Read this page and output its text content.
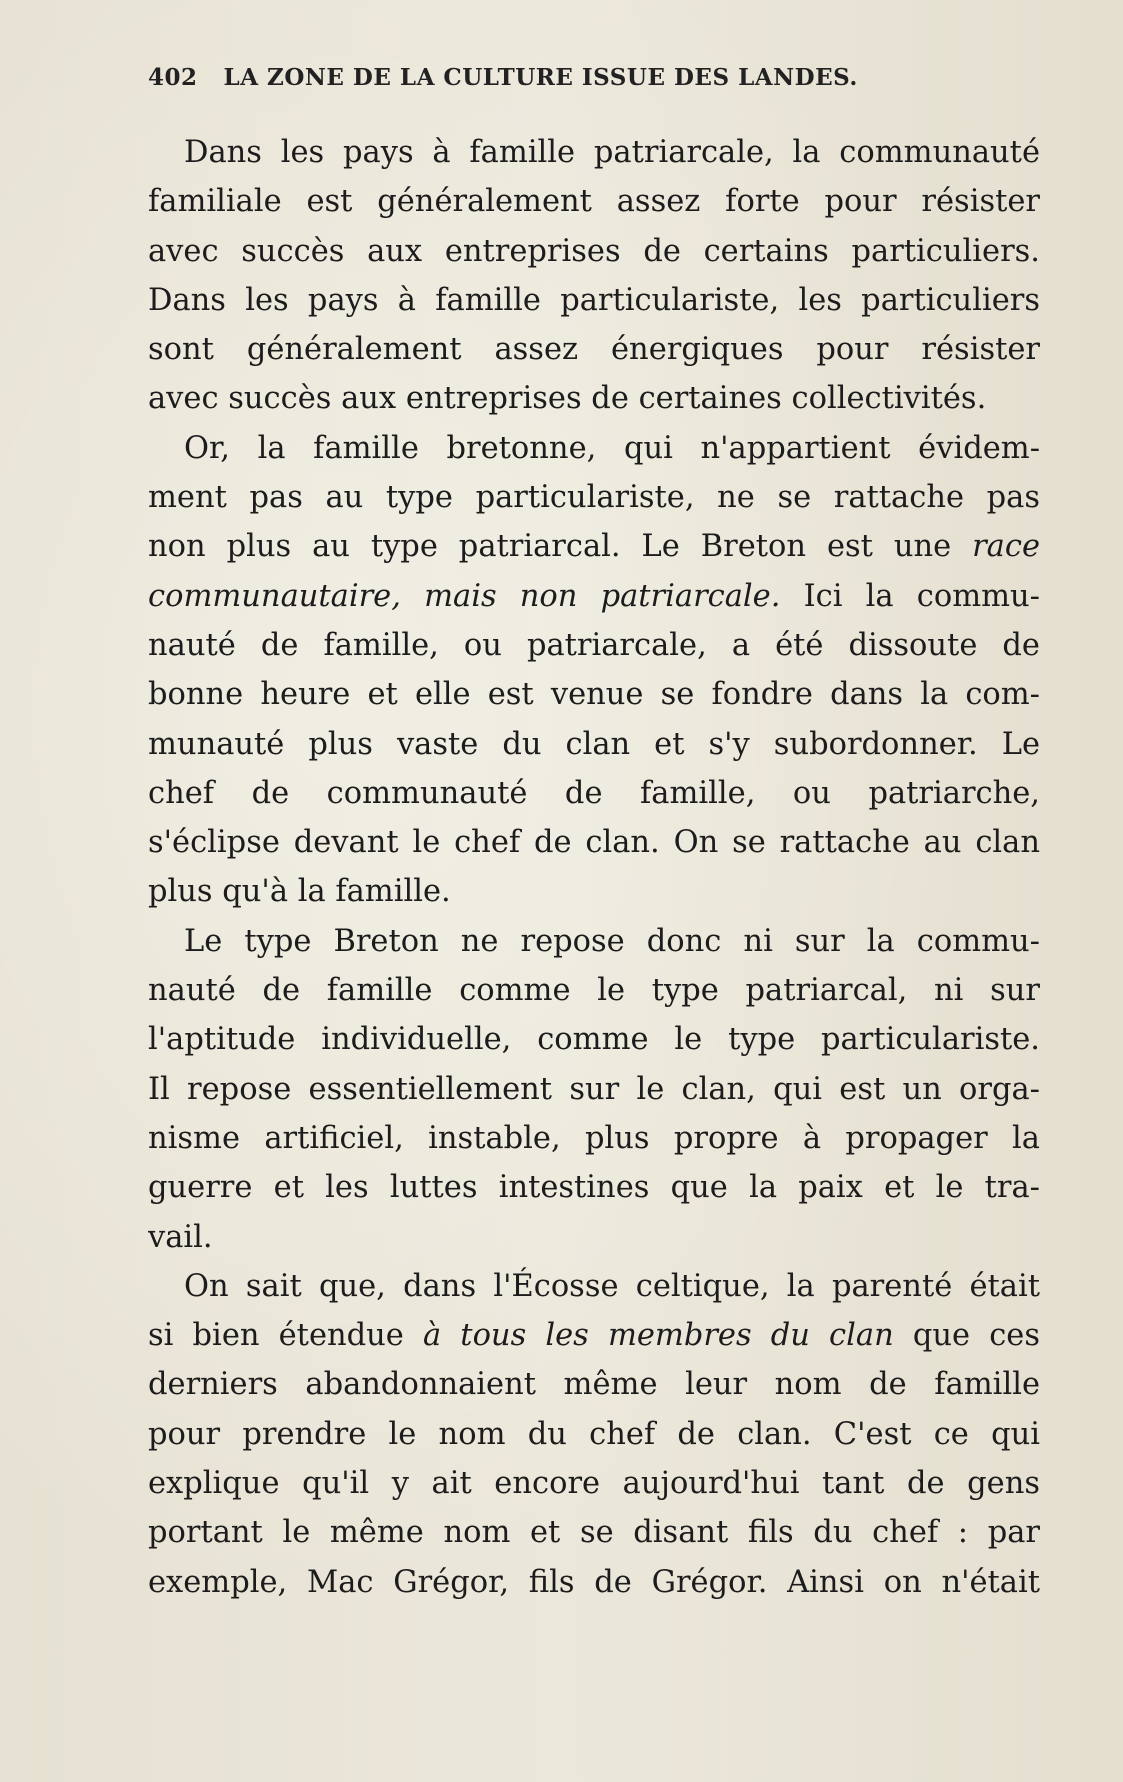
402 LA ZONE DE LA CULTURE ISSUE DES LANDES.
Dans les pays à famille patriarcale, la communauté
familiale est généralement assez forte pour résister
avec succès aux entreprises de certains particuliers.
Dans les pays à famille particulariste, les particuliers
sont généralement assez énergiques pour résister
avec succès aux entreprises de certaines collectivités.
Or, la famille bretonne, qui n'appartient évidem-
ment pas au type particulariste, ne se rattache pas
non plus au type patriarcal. Le Breton est une race
communautaire, mais non patriarcale. Ici la commu-
nauté de famille, ou patriarcale, a été dissoute de
bonne heure et elle est venue se fondre dans la com-
munauté plus vaste du clan et s'y subordonner. Le
chef de communauté de famille, ou patriarche,
s'éclipse devant le chef de clan. On se rattache au clan
plus qu'à la famille.
Le type Breton ne repose donc ni sur la commu-
nauté de famille comme le type patriarcal, ni sur
l'aptitude individuelle, comme le type particulariste.
Il repose essentiellement sur le clan, qui est un orga-
nisme artificiel, instable, plus propre à propager la
guerre et les luttes intestines que la paix et le tra-
vail.
On sait que, dans l'Écosse celtique, la parenté était
si bien étendue à tous les membres du clan que ces
derniers abandonnaient même leur nom de famille
pour prendre le nom du chef de clan. C'est ce qui
explique qu'il y ait encore aujourd'hui tant de gens
portant le même nom et se disant fils du chef : par
exemple, Mac Grégor, fils de Grégor. Ainsi on n'était
